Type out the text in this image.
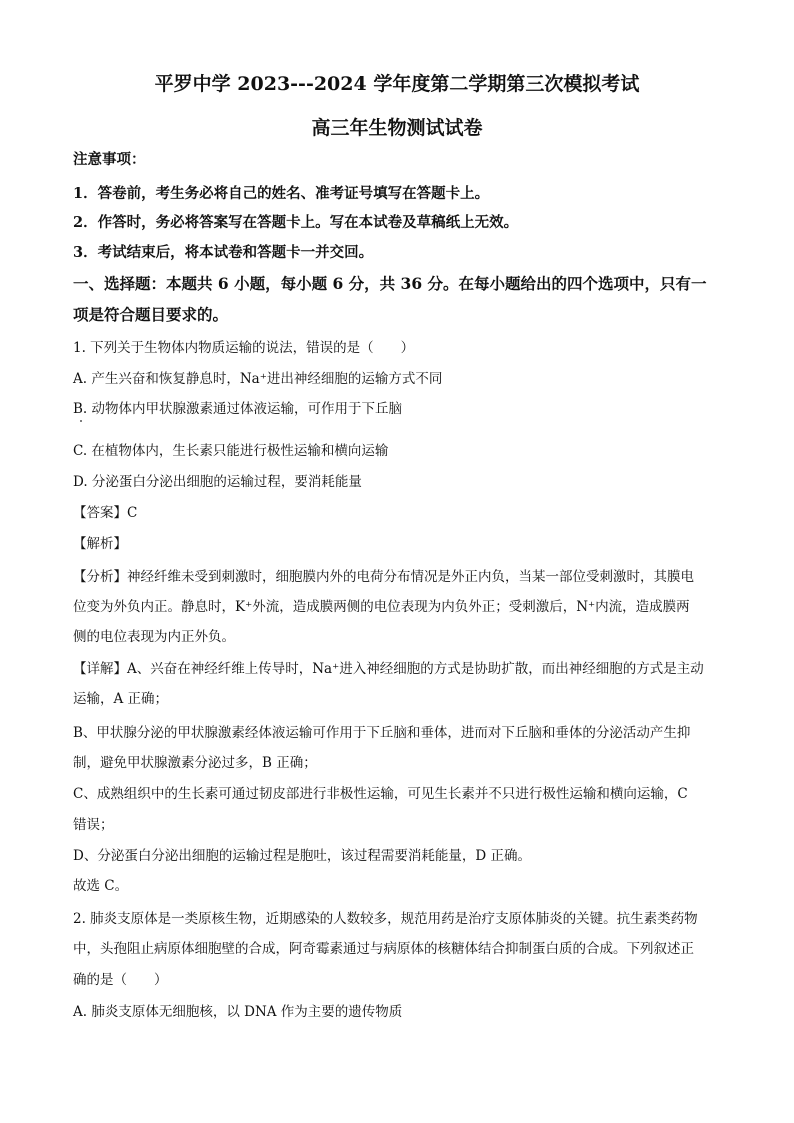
平罗中学 2023---2024 学年度第二学期第三次模拟考试
高三年生物测试试卷
注意事项：
1．答卷前，考生务必将自己的姓名、准考证号填写在答题卡上。
2．作答时，务必将答案写在答题卡上。写在本试卷及草稿纸上无效。
3．考试结束后，将本试卷和答题卡一并交回。
一、选择题：本题共 6 小题，每小题 6 分，共 36 分。在每小题给出的四个选项中，只有一
项是符合题目要求的。
1. 下列关于生物体内物质运输的说法，错误的是（　　）
A. 产生兴奋和恢复静息时，Na⁺进出神经细胞的运输方式不同
B. 动物体内甲状腺激素通过体液运输，可作用于下丘脑
C. 在植物体内，生长素只能进行极性运输和横向运输
D. 分泌蛋白分泌出细胞的运输过程，要消耗能量
【答案】C
【解析】
【分析】神经纤维未受到刺激时，细胞膜内外的电荷分布情况是外正内负，当某一部位受刺激时，其膜电
位变为外负内正。静息时，K⁺外流，造成膜两侧的电位表现为内负外正；受刺激后，N⁺内流，造成膜两
侧的电位表现为内正外负。
【详解】A、兴奋在神经纤维上传导时，Na⁺进入神经细胞的方式是协助扩散，而出神经细胞的方式是主动
运输，A 正确；
B、甲状腺分泌的甲状腺激素经体液运输可作用于下丘脑和垂体，进而对下丘脑和垂体的分泌活动产生抑
制，避免甲状腺激素分泌过多，B 正确；
C、成熟组织中的生长素可通过韧皮部进行非极性运输，可见生长素并不只进行极性运输和横向运输，C
错误；
D、分泌蛋白分泌出细胞的运输过程是胞吐，该过程需要消耗能量，D 正确。
故选 C。
2. 肺炎支原体是一类原核生物，近期感染的人数较多，规范用药是治疗支原体肺炎的关键。抗生素类药物
中，头孢阻止病原体细胞壁的合成，阿奇霉素通过与病原体的核糖体结合抑制蛋白质的合成。下列叙述正
确的是（　　）
A. 肺炎支原体无细胞核，以 DNA 作为主要的遗传物质
